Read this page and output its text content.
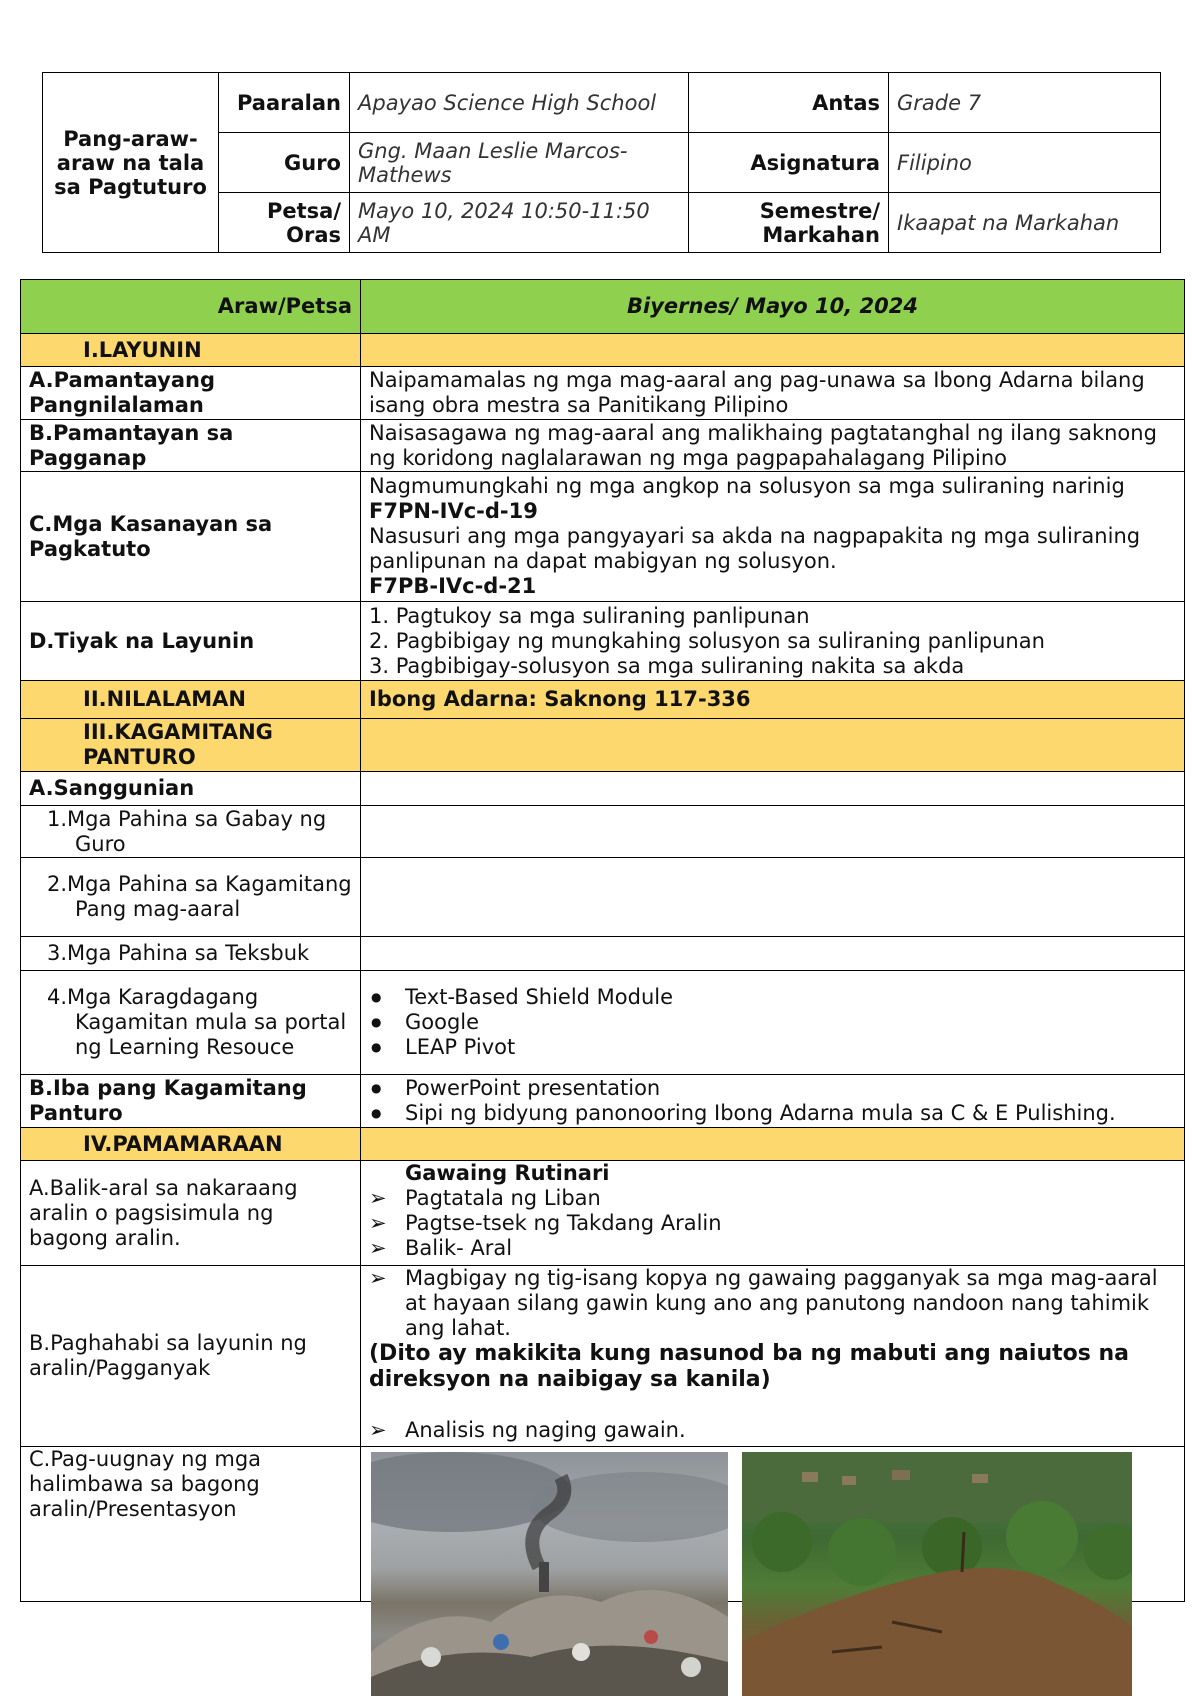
Pang-araw-araw na tala sa Pagtuturo	Paaralan	Apayao Science High School	Antas	Grade 7
	Guro	Gng. Maan Leslie Marcos-Mathews	Asignatura	Filipino
	Petsa/ Oras	Mayo 10, 2024 10:50-11:50 AM	Semestre/ Markahan	Ikaapat na Markahan
Araw/Petsa	Biyernes/ Mayo 10, 2024
I.LAYUNIN	
A.Pamantayang Pangnilalaman	Naipamamalas ng mga mag-aaral ang pag-unawa sa Ibong Adarna bilang isang obra mestra sa Panitikang Pilipino
B.Pamantayan sa Pagganap	Naisasagawa ng mag-aaral ang malikhaing pagtatanghal ng ilang saknong ng koridong naglalarawan ng mga pagpapahalagang Pilipino
C.Mga Kasanayan sa Pagkatuto	Nagmumungkahi ng mga angkop na solusyon sa mga suliraning narinig
F7PN-IVc-d-19
Nasusuri ang mga pangyayari sa akda na nagpapakita ng mga suliraning panlipunan na dapat mabigyan ng solusyon.
F7PB-IVc-d-21

D.Tiyak na Layunin	1. Pagtukoy sa mga suliraning panlipunan
2. Pagbibigay ng mungkahing solusyon sa suliraning panlipunan
3. Pagbibigay-solusyon sa mga suliraning nakita sa akda

II.NILALAMAN	Ibong Adarna: Saknong 117-336
III.KAGAMITANG PANTURO	
A.Sanggunian	
1.Mga Pahina sa Gabay ng Guro	
2.Mga Pahina sa Kagamitang Pang mag-aaral	
3.Mga Pahina sa Teksbuk	
4.Mga Karagdagang Kagamitan mula sa portal ng Learning Resouce	● Text-Based Shield Module
● Google
● LEAP Pivot

B.Iba pang Kagamitang Panturo	● PowerPoint presentation
● Sipi ng bidyung panonooring Ibong Adarna mula sa C & E Pulishing.

IV.PAMAMARAAN	
A.Balik-aral sa nakaraang aralin o pagsisimula ng bagong aralin.	Gawaing Rutinari
➢ Pagtatala ng Liban
➢ Pagtse-tsek ng Takdang Aralin
➢ Balik- Aral

B.Paghahabi sa layunin ng aralin/Pagganyak	➢ Magbigay ng tig-isang kopya ng gawaing pagganyak sa mga mag-aaral at hayaan silang gawin kung ano ang panutong nandoon nang tahimik ang lahat.
(Dito ay makikita kung nasunod ba ng mabuti ang naiutos na direksyon na naibigay sa kanila)
➢ Analisis ng naging gawain.

C.Pag-uugnay ng mga halimbawa sa bagong aralin/Presentasyon	
